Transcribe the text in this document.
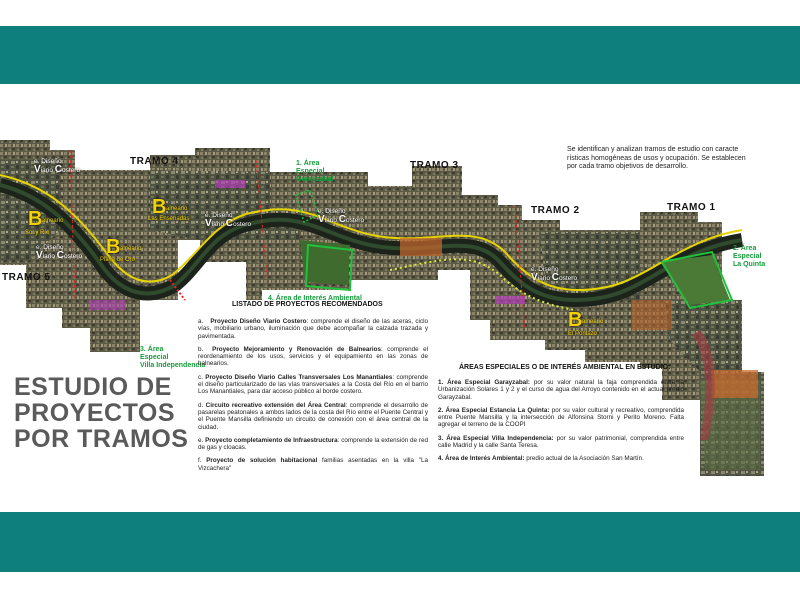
TRAMO 4	TRAMO 3
TRAMO 2	TRAMO 1
TRAMO 5
1. Área
Especial
Garayzabal
2. Área
Especial
La Quinta
3. Área
Especial
Villa Independencia
4. Área de Interés Ambiental
Se identifican y analizan tramos de estudio con caracte rísticas homogéneas de usos y ocupación. Se establecen por cada tramo objetivos de desarrollo.
B alneario
Sol y Río
B alneario
Playa de Oro
B alneario
Las Ensenadas
B alneario
El Pontazo
e. Diseño
Viario Costero
e. Diseño
Viario Costero
e. Diseño
Viario Costero
e. Diseño
Viario Costero
e. Diseño
Viario Costero
LISTADO DE PROYECTOS RECOMENDADOS

a. Proyecto Diseño Viario Costero: comprende el diseño de las aceras, ciclo vías, mobiliario urbano, iluminación que debe acompañar la calzada trazada y pavimentada.

b. Proyecto Mejoramiento y Renovación de Balnearios: comprende el reordenamiento de los usos, servicios y el equipamiento en las zonas de balnearios.

c. Proyecto Diseño Viario Calles Transversales Los Manantiales: comprende el diseño particularizado de las vías transversales a la Costa del Río en el barrio Los Manantiales, para dar acceso público al borde costero.

d. Circuito recreativo extensión del Área Central: comprende el desarrollo de pasarelas peatonales a ambos lados de la costa del Río entre el Puente Central y el Puente Mansilla definiendo un circuito de conexión con el área central de la ciudad.

e. Proyecto completamiento de Infraestructura: comprende la extensión de red de gas y cloacas.

f. Proyecto de solución habitacional familias asentadas en la villa "La Vizcachera"

ÁREAS ESPECIALES O DE INTERÉS AMBIENTAL EN ESTUDIO:

1. Área Especial Garayzabal: por su valor natural la faja comprendida entre la Urbanización Solares 1 y 2 y el curso de agua del Arroyo contenido en el actual predio Garayzabal.

2. Área Especial Estancia La Quinta: por su valor cultural y recreativo, comprendida entre Puente Mansilla y la intersección de Alfonsina Storni y Perito Moreno. Falta agregar el terreno de la COOPI

3. Área Especial Villa Independencia: por su valor patrimonial, comprendida entre calle Madrid y la calle Santa Teresa.

4. Área de Interés Ambiental: predio actual de la Asociación San Martín.

ESTUDIO DE
PROYECTOS
POR TRAMOS
